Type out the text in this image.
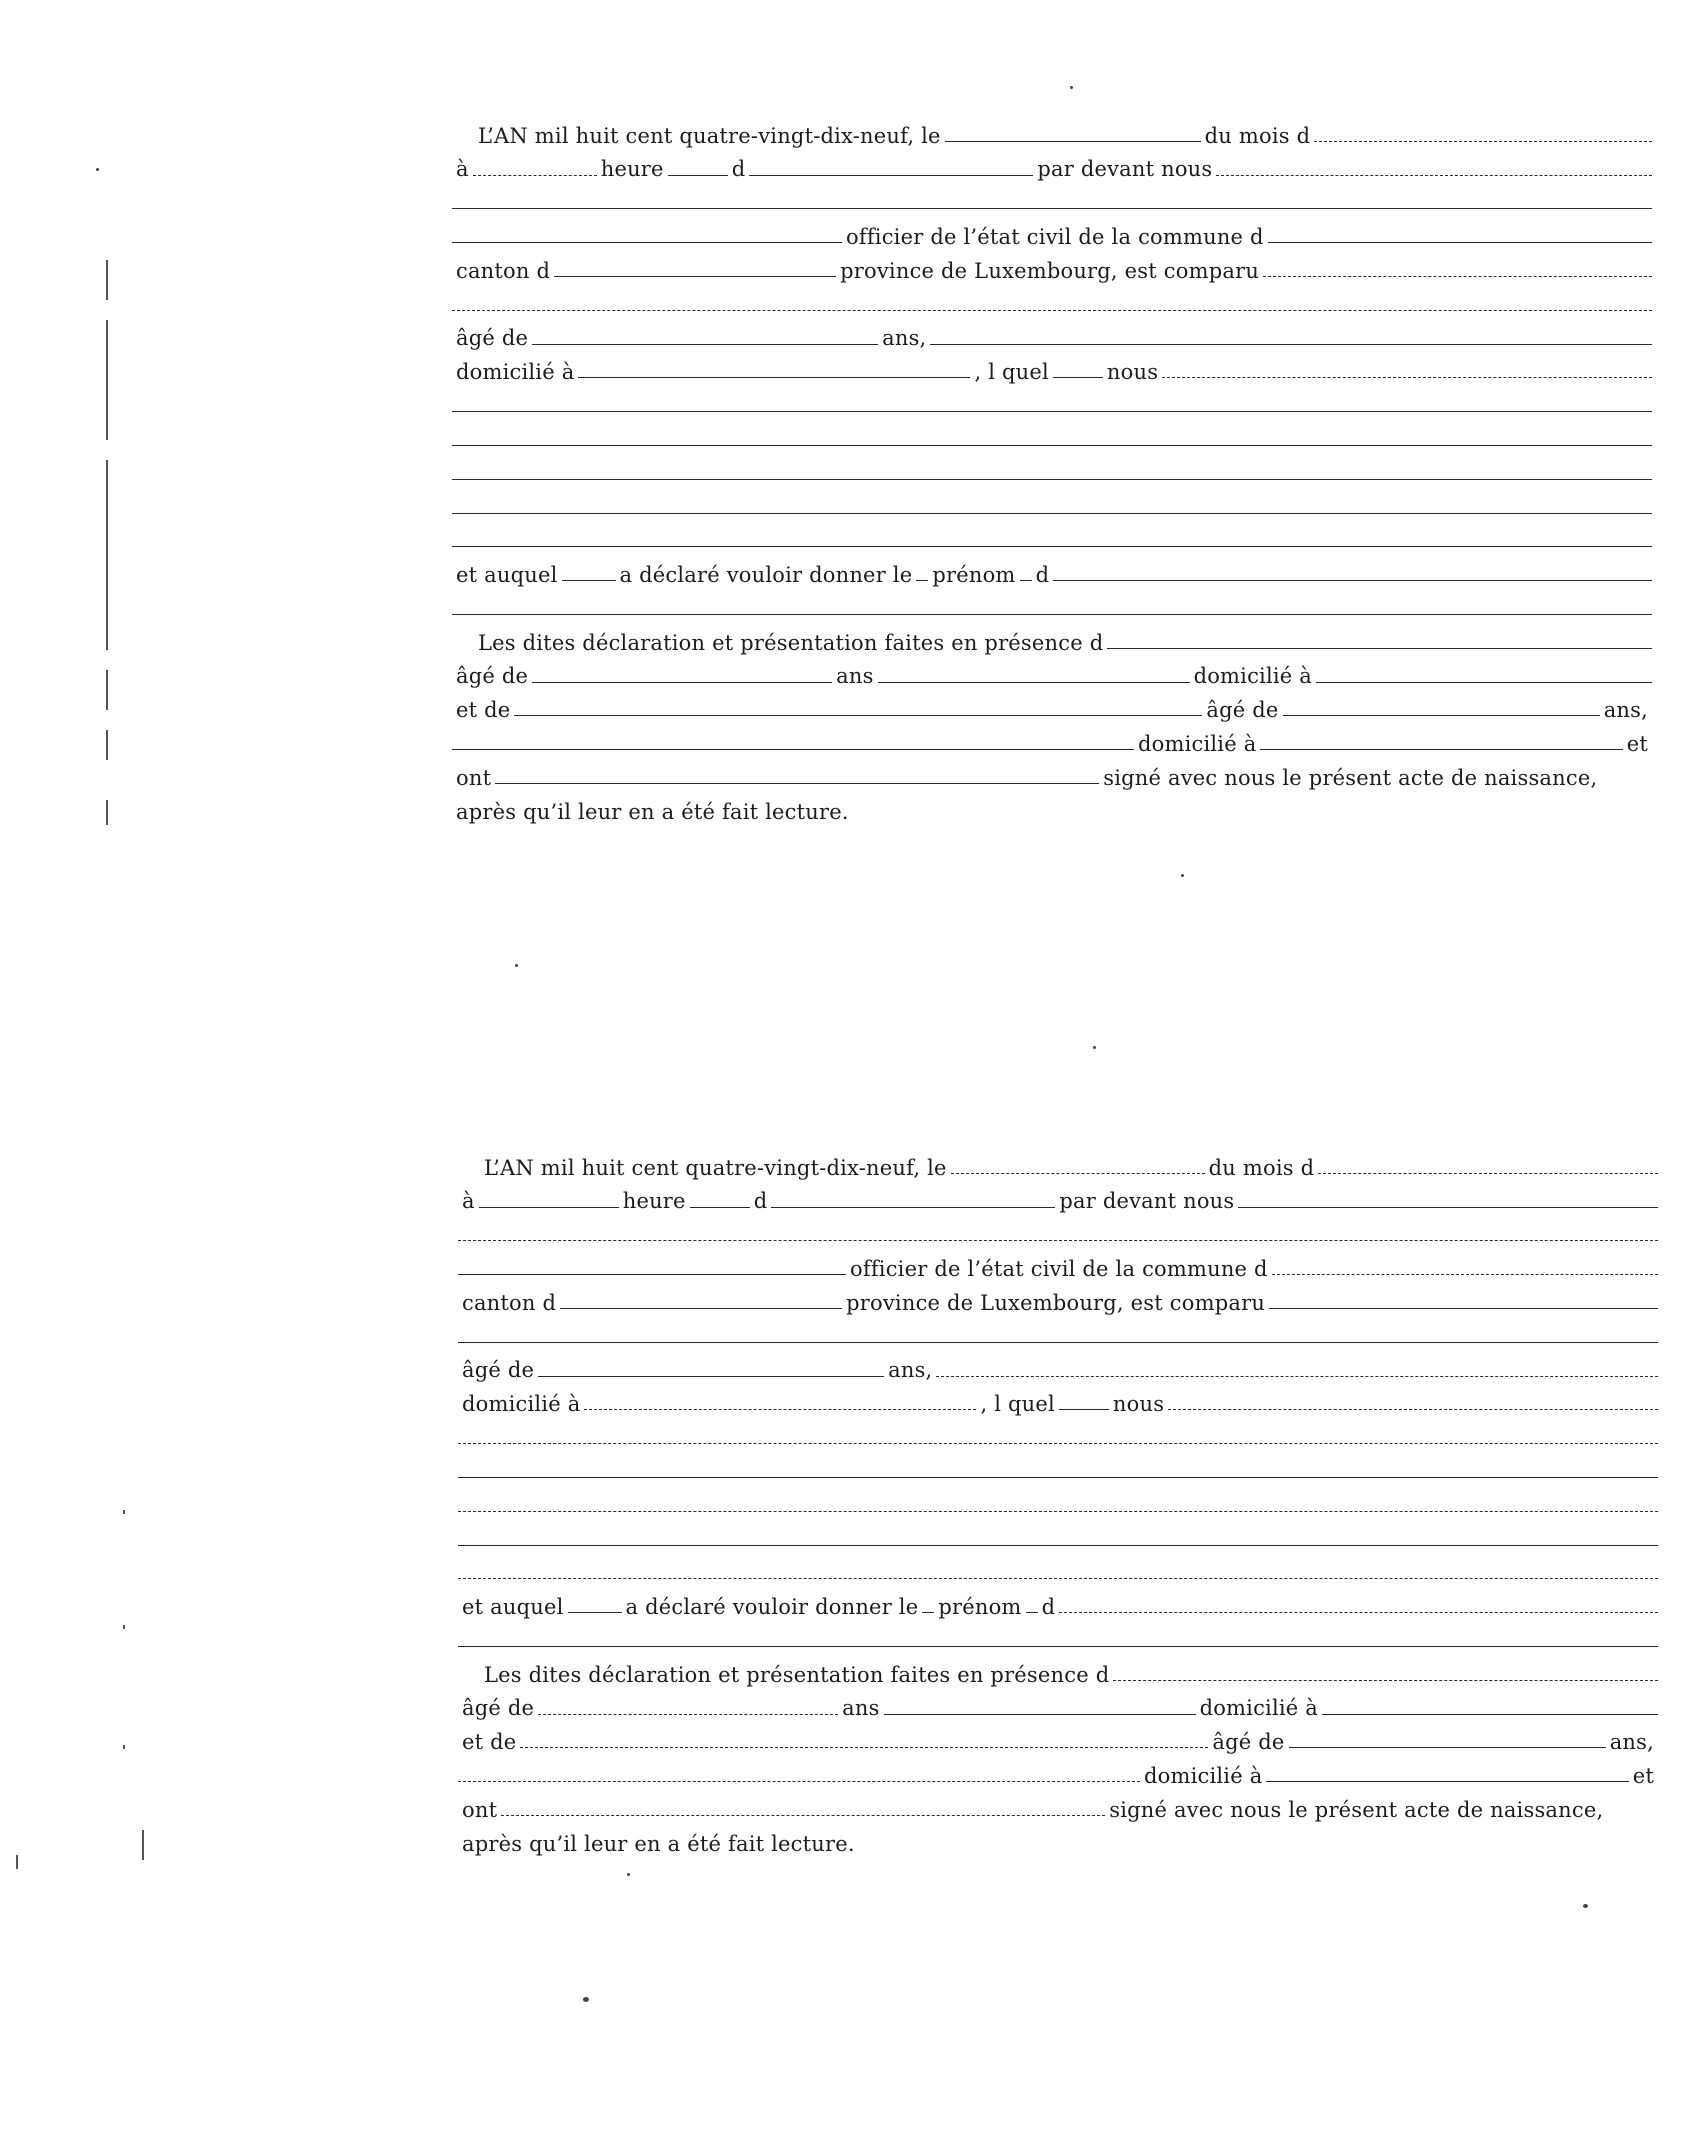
L’AN mil huit cent quatre-vingt-dix-neuf, le	du mois d
à	heure	d	par devant nous
officier de l’état civil de la commune d
canton d	province de Luxembourg, est comparu
âgé de	ans,
domicilié à	, l quel	nous
et auquel	a déclaré vouloir donner le prénom d
Les dites déclaration et présentation faites en présence d
âgé de	ans	domicilié à
et de	âgé de	ans,
domicilié à	et
ont	signé avec nous le présent acte de naissance,
après qu’il leur en a été fait lecture.
L’AN mil huit cent quatre-vingt-dix-neuf, le	du mois d
à	heure	d	par devant nous
officier de l’état civil de la commune d
canton d	province de Luxembourg, est comparu
âgé de	ans,
domicilié à	, l quel	nous
et auquel	a déclaré vouloir donner le prénom d
Les dites déclaration et présentation faites en présence d
âgé de	ans	domicilié à
et de	âgé de	ans,
domicilié à	et
ont	signé avec nous le présent acte de naissance,
après qu’il leur en a été fait lecture.
